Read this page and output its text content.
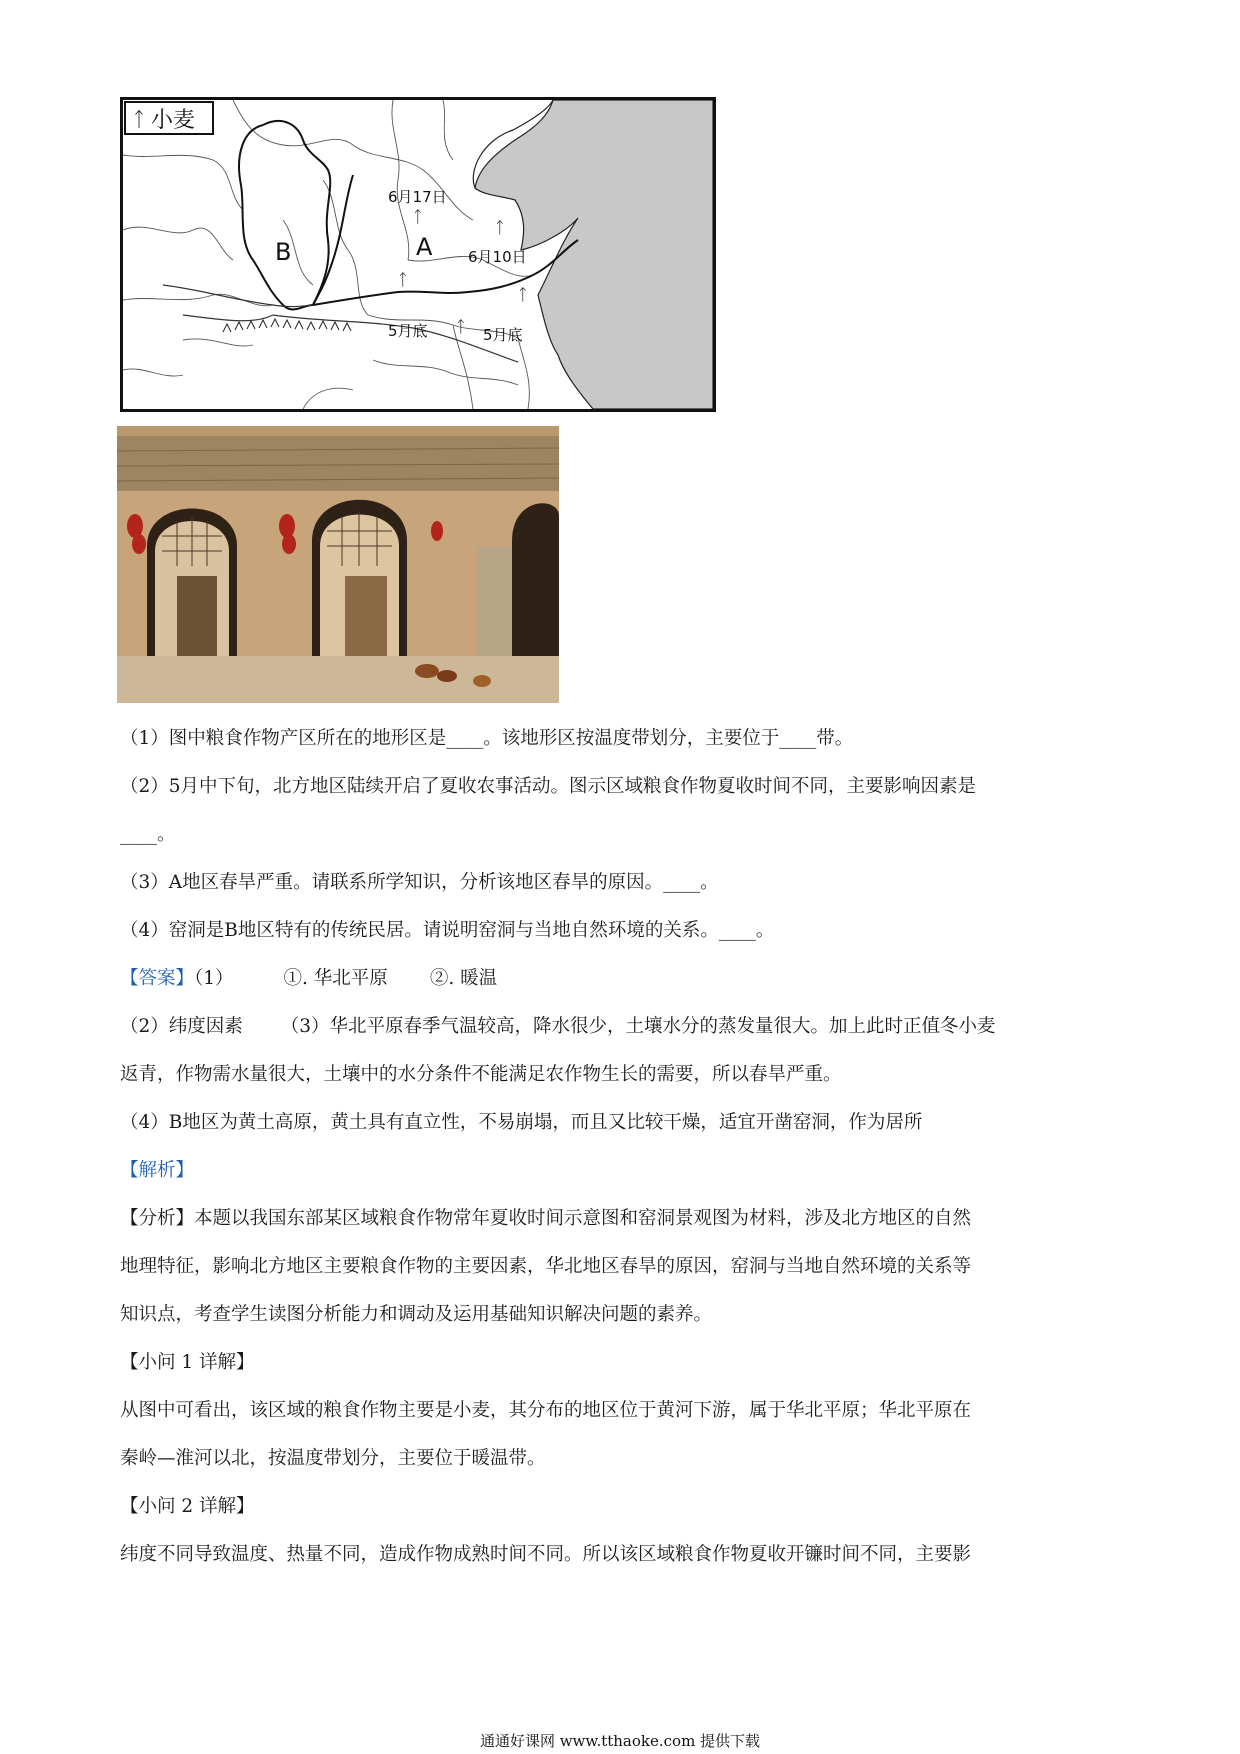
ᛏ 小麦
ᛏ
ᛏ
ᛏ
ᛏ
ᛏ
B	A
6月17日
6月10日
5月底	5月底
（1）图中粮食作物产区所在的地形区是____。该地形区按温度带划分，主要位于____带。
（2）5月中下旬，北方地区陆续开启了夏收农事活动。图示区域粮食作物夏收时间不同，主要影响因素是
____。
（3）A地区春旱严重。请联系所学知识，分析该地区春旱的原因。____。
（4）窑洞是B地区特有的传统民居。请说明窑洞与当地自然环境的关系。____。
【答案】（1）	①. 华北平原 ②. 暖温
（2）纬度因素 （3）华北平原春季气温较高，降水很少，土壤水分的蒸发量很大。加上此时正值冬小麦
返青，作物需水量很大，土壤中的水分条件不能满足农作物生长的需要，所以春旱严重。
（4）B地区为黄土高原，黄土具有直立性，不易崩塌，而且又比较干燥，适宜开凿窑洞，作为居所
【解析】
【分析】本题以我国东部某区域粮食作物常年夏收时间示意图和窑洞景观图为材料，涉及北方地区的自然
地理特征，影响北方地区主要粮食作物的主要因素，华北地区春旱的原因，窑洞与当地自然环境的关系等
知识点，考查学生读图分析能力和调动及运用基础知识解决问题的素养。
【小问 1 详解】
从图中可看出，该区域的粮食作物主要是小麦，其分布的地区位于黄河下游，属于华北平原；华北平原在
秦岭—淮河以北，按温度带划分，主要位于暖温带。
【小问 2 详解】
纬度不同导致温度、热量不同，造成作物成熟时间不同。所以该区域粮食作物夏收开镰时间不同，主要影
通通好课网 www.tthaoke.com 提供下载
